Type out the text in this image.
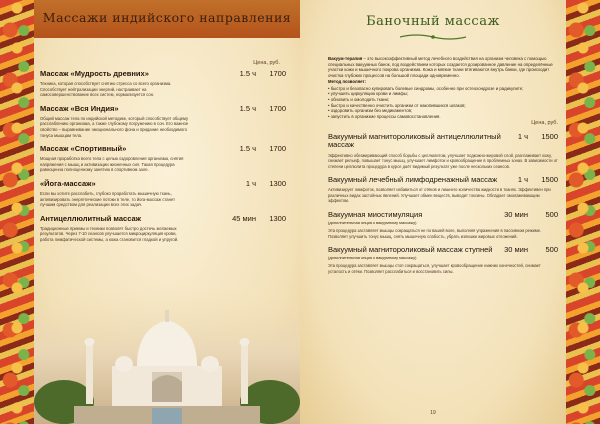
Массажи индийского направления
Цена, руб.
Массаж «Мудрость древних»	1.5 ч	1700
Техника, которая способствует снятию стресса со всего организма. Способствует нейтрализации энергий, настраивает на самосовершенствование всех систем, нормализуется сон.
Массаж «Вся Индия»	1.5 ч	1700
Общий массаж тела по индийской методике, который способствует общему расслаблению организма, а также глубокому погружению в сон. Его важное свойство – выравнивание эмоционального фона и придание необходимого тонуса мышцам тела.
Массаж «Спортивный»	1.5 ч	1700
Мощная проработка всего тела с целью оздоровления организма, снятия напряжения с мышц и активизации жизненных сил. Такая процедура равноценна полноценному занятию в спортивном зале.
«Йога-массаж»	1 ч	1300
Если вы хотите расслабить, глубоко проработать мышечную ткань, активизировать энергетические потоки в теле, то йога-массаж станет лучшим средством для реализации всех этих задач.
Антицеллюлитный массаж	45 мин	1300
Традиционные приемы и техники позволят быстро достичь желаемых результатов. Через 7-10 сеансов улучшается микроциркуляция крови, работа лимфатической системы, а кожа становится гладкой и упругой.
Баночный массаж

Вакуум-терапия – это высокоэффективный метод лечебного воздействия на организм человека с помощью специальных вакуумных банок, под воздействием которых создается дозированное давление на определённые участки кожи и мышечного покрова организма. Кожа и мягкие ткани втягиваются внутрь банки, где происходит очистка глубоких процессов на большой площади одновременно.

Метод позволяет:

• быстро и безопасно купировать болевые синдромы, особенно при остеохондрозе и радикулите;
• улучшить циркуляцию крови и лимфы;
• обновить и омолодить ткани;
• быстро и качественно очистить организм от накопившихся шлаков;
• оздоровить организм без медикаментов;
• запустить в организме процессы самовосстановления.
Цена, руб.
Вакуумный магнитороликовый антицеллюлитный массаж
1 ч	1500
Эффективно обезжиривающий способ борьбы с целлюлитом, улучшает подкожно-жировой слой, разглаживает кожу, снижает рельеф, повышает тонус мышц, улучшает лимфоток и кровообращение в проблемных зонах. В зависимости от степени целлюлита процедура в курсе даёт видимый результат уже после нескольких сеансов.
Вакуумный лечебный лимфодренажный массаж	1 ч	1500
Активизирует лимфоток, позволяет избавиться от отёков и лишнего количества жидкости в тканях. Эффективен при различных видах застойных явлений. Улучшает обмен веществ, выводит токсины. Обладает омолаживающим эффектом.
Вакуумная миостимуляция	30 мин	500
(дополнительная опция к вакуумному массажу)
Эта процедура заставляет мышцы сокращаться не по вашей воле, выполняя упражнения в пассивном режиме. Позволяет улучшить тонус мышц, снять мышечную слабость, убрать излишки жировых отложений.
Вакуумный магнитороликовый массаж ступней	30 мин	500
(дополнительная опция к вакуумному массажу)
Эта процедура заставляет мышцы стоп сокращаться, улучшает кровообращение нижних конечностей, снимает усталость и отёки. Позволяет расслабиться и восстановить силы.
19
